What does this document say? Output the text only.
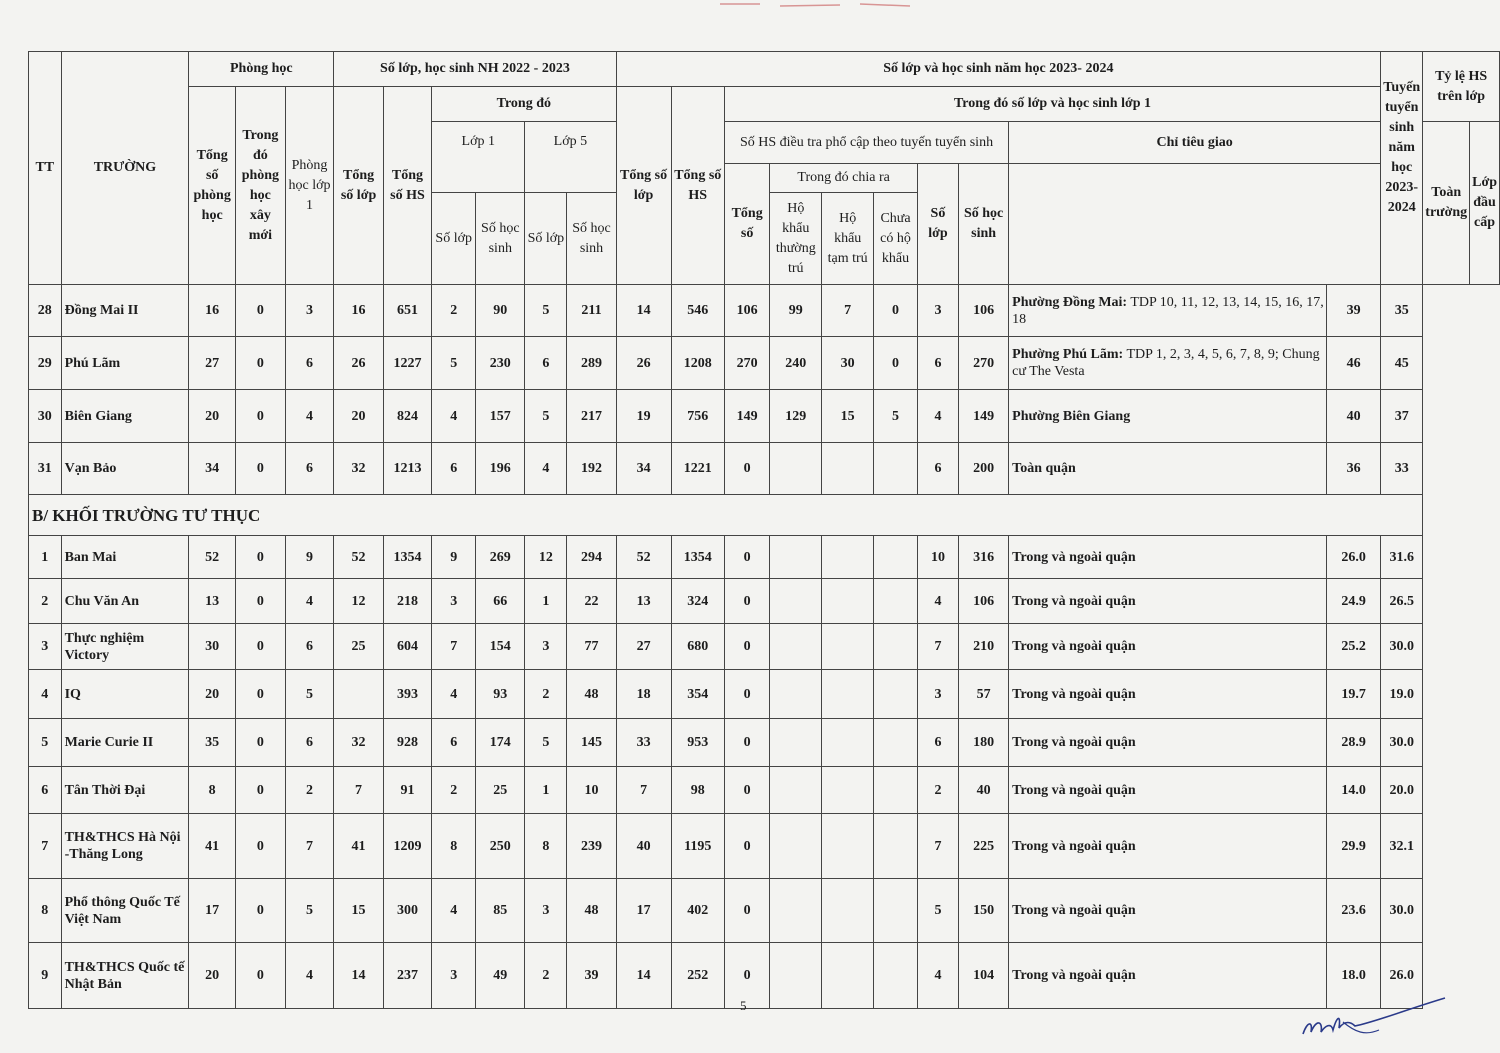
TT	TRƯỜNG	Phòng học			Số lớp, học sinh NH 2022 - 2023						Số lớp và học sinh năm học 2023- 2024										Tuyến tuyển sinh năm học 2023-2024	Tỷ lệ HS trên lớp	
		Tổng số phòng học	Trong đó phòng học xây mới	Phòng học lớp 1	Tổng số lớp	Tổng số HS	Trong đó				Tổng số lớp	Tổng số HS	Trong đó số lớp và học sinh lớp 1										
							Lớp 1		Lớp 5				Số HS điều tra phổ cập theo tuyến tuyển sinh						Chỉ tiêu giao			Toàn trường	Lớp đầu cấp
													Tổng số	Trong đó chia ra			Số lớp	Số học sinh					
							Số lớp	Số học sinh	Số lớp	Số học sinh				Hộ khẩu thường trú	Hộ khẩu tạm trú	Chưa có hộ khẩu							
28	Đồng Mai II	16	0	3	16	651	2	90	5	211	14	546	106	99	7	0	3	106	Phường Đồng Mai: TDP 10, 11, 12, 13, 14, 15, 16, 17, 18	39	35		
29	Phú Lãm	27	0	6	26	1227	5	230	6	289	26	1208	270	240	30	0	6	270	Phường Phú Lãm: TDP 1, 2, 3, 4, 5, 6, 7, 8, 9; Chung cư The Vesta	46	45		
30	Biên Giang	20	0	4	20	824	4	157	5	217	19	756	149	129	15	5	4	149	Phường Biên Giang	40	37		
31	Vạn Bảo	34	0	6	32	1213	6	196	4	192	34	1221	0				6	200	Toàn quận	36	33		
B/ KHỐI TRƯỜNG TƯ THỤC																							
1	Ban Mai	52	0	9	52	1354	9	269	12	294	52	1354	0				10	316	Trong và ngoài quận	26.0	31.6		
2	Chu Văn An	13	0	4	12	218	3	66	1	22	13	324	0				4	106	Trong và ngoài quận	24.9	26.5		
3	Thực nghiệm Victory	30	0	6	25	604	7	154	3	77	27	680	0				7	210	Trong và ngoài quận	25.2	30.0		
4	IQ	20	0	5		393	4	93	2	48	18	354	0				3	57	Trong và ngoài quận	19.7	19.0		
5	Marie Curie II	35	0	6	32	928	6	174	5	145	33	953	0				6	180	Trong và ngoài quận	28.9	30.0		
6	Tân Thời Đại	8	0	2	7	91	2	25	1	10	7	98	0				2	40	Trong và ngoài quận	14.0	20.0		
7	TH&THCS Hà Nội -Thăng Long	41	0	7	41	1209	8	250	8	239	40	1195	0				7	225	Trong và ngoài quận	29.9	32.1		
8	Phổ thông Quốc Tế Việt Nam	17	0	5	15	300	4	85	3	48	17	402	0				5	150	Trong và ngoài quận	23.6	30.0		
9	TH&THCS Quốc tế Nhật Bản	20	0	4	14	237	3	49	2	39	14	252	0				4	104	Trong và ngoài quận	18.0	26.0		
5
